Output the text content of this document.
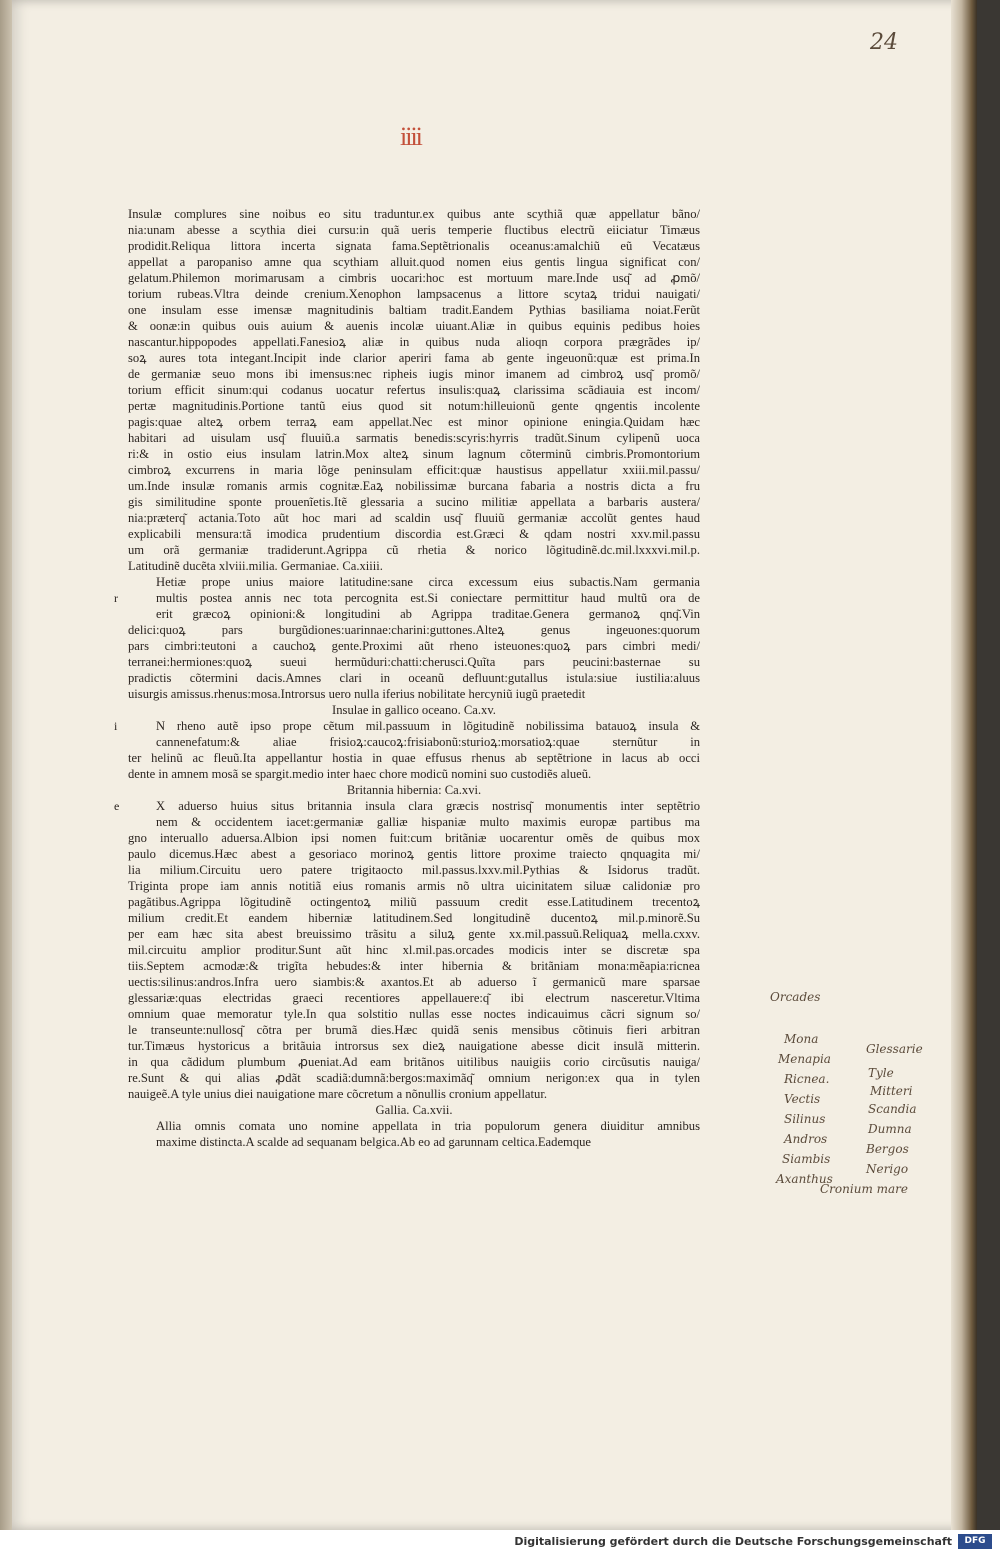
24
iiii
Insulæ complures sine noibus eo situ traduntur.ex quibus ante scythiã quæ appellatur bãno/
nia:unam abesse a scythia diei cursu:in quã ueris temperie fluctibus electrũ eiiciatur Timæus
prodidit.Reliqua littora incerta signata fama.Septẽtrionalis oceanus:amalchiũ eũ Vecatæus
appellat a paropaniso amne qua scythiam alluit.quod nomen eius gentis lingua significat con/
gelatum.Philemon morimarusam a cimbris uocari:hoc est mortuum mare.Inde usq͂ ad ꝓmõ/
torium rubeas.Vltra deinde crenium.Xenophon lampsacenus a littore scytaꝝ tridui nauigati/
one insulam esse imensæ magnitudinis baltiam tradit.Eandem Pythias basiliama noiat.Ferũt
& oonæ:in quibus ouis auium & auenis incolæ uiuant.Aliæ in quibus equinis pedibus hoies
nascantur.hippopodes appellati.Fanesioꝝ aliæ in quibus nuda alioqn corpora prægrãdes ip/
soꝝ aures tota integant.Incipit inde clarior aperiri fama ab gente ingeuonũ:quæ est prima.In
de germaniæ seuo mons ibi imensus:nec ripheis iugis minor imanem ad cimbroꝝ usq͂ promõ/
torium efficit sinum:qui codanus uocatur refertus insulis:quaꝝ clarissima scãdiauia est incom/
pertæ magnitudinis.Portione tantũ eius quod sit notum:hilleuionũ gente qngentis incolente
pagis:quae alteꝝ orbem terraꝝ eam appellat.Nec est minor opinione eningia.Quidam hæc
habitari ad uisulam usq͂ fluuiũ.a sarmatis benedis:scyris:hyrris tradũt.Sinum cylipenũ uoca
ri:& in ostio eius insulam latrin.Mox alteꝝ sinum lagnum cõterminũ cimbris.Promontorium
cimbroꝝ excurrens in maria lõge peninsulam efficit:quæ haustisus appellatur xxiii.mil.passu/
um.Inde insulæ romanis armis cognitæ.Eaꝝ nobilissimæ burcana fabaria a nostris dicta a fru
gis similitudine sponte prouenĩetis.Itẽ glessaria a sucino militiæ appellata a barbaris austera/
nia:præterq͂ actania.Toto aũt hoc mari ad scaldin usq͂ fluuiũ germaniæ accolũt gentes haud
explicabili mensura:tã imodica prudentium discordia est.Græci & qdam nostri xxv.mil.passu
um orã germaniæ tradiderunt.Agrippa cũ rhetia & norico lõgitudinẽ.dc.mil.lxxxvi.mil.p.
Latitudinẽ ducẽta xlviii.milia. Germaniae. Ca.xiiii.
Hetiæ prope unius maiore latitudine:sane circa excessum eius subactis.Nam germania
r	multis postea annis nec tota percognita est.Si coniectare permittitur haud multũ ora de
erit græcoꝝ opinioni:& longitudini ab Agrippa traditae.Genera germanoꝝ qnq͂.Vin
delici:quoꝝ pars burgũdiones:uarinnae:charini:guttones.Alteꝝ genus ingeuones:quorum
pars cimbri:teutoni a cauchoꝝ gente.Proximi aũt rheno isteuones:quoꝝ pars cimbri medi/
terranei:hermiones:quoꝝ sueui hermũduri:chatti:cherusci.Quĩta pars peucini:basternae su
pradictis cõtermini dacis.Amnes clari in oceanũ defluunt:gutallus istula:siue iustilia:aluus
uisurgis amissus.rhenus:mosa.Introrsus uero nulla iferius nobilitate hercyniũ iugũ praetedit
Insulae in gallico oceano. Ca.xv.
i	N rheno autẽ ipso prope cẽtum mil.passuum in lõgitudinẽ nobilissima batauoꝝ insula &
cannenefatum:& aliae frisioꝝ:caucoꝝ:frisiabonũ:sturioꝝ:morsatioꝝ:quae sternũtur in
ter helinũ ac fleuũ.Ita appellantur hostia in quae effusus rhenus ab septẽtrione in lacus ab occi
dente in amnem mosã se spargit.medio inter haec chore modicũ nomini suo custodiẽs alueũ.
Britannia hibernia: Ca.xvi.
e	X aduerso huius situs britannia insula clara græcis nostrisq͂ monumentis inter septẽtrio
nem & occidentem iacet:germaniæ galliæ hispaniæ multo maximis europæ partibus ma
gno interuallo aduersa.Albion ipsi nomen fuit:cum britãniæ uocarentur omẽs de quibus mox
paulo dicemus.Hæc abest a gesoriaco morinoꝝ gentis littore proxime traiecto qnquagita mi/
lia milium.Circuitu uero patere trigitaocto mil.passus.lxxv.mil.Pythias & Isidorus tradũt.
Triginta prope iam annis notitiã eius romanis armis nõ ultra uicinitatem siluæ calidoniæ pro
pagãtibus.Agrippa lõgitudinẽ octingentoꝝ miliũ passuum credit esse.Latitudinem trecentoꝝ
milium credit.Et eandem hiberniæ latitudinem.Sed longitudinẽ ducentoꝝ mil.p.minorẽ.Su
per eam hæc sita abest breuissimo trãsitu a siluꝝ gente xx.mil.passuũ.Reliquaꝝ mella.cxxv.
mil.circuitu amplior proditur.Sunt aũt hinc xl.mil.pas.orcades modicis inter se discretæ spa
tiis.Septem acmodæ:& trigĩta hebudes:& inter hibernia & britãniam mona:mẽapia:ricnea
uectis:silinus:andros.Infra uero siambis:& axantos.Et ab aduerso ĩ germanicũ mare sparsae
glessariæ:quas electridas graeci recentiores appellauere:q͂ ibi electrum nasceretur.Vltima
omnium quae memoratur tyle.In qua solstitio nullas esse noctes indicauimus cãcri signum so/
le transeunte:nullosq͂ cõtra per brumã dies.Hæc quidã senis mensibus cõtinuis fieri arbitran
tur.Timæus hystoricus a britãuia introrsus sex dieꝝ nauigatione abesse dicit insulã mitterin.
in qua cãdidum plumbum ꝓueniat.Ad eam britãnos uitilibus nauigiis corio circũsutis nauiga/
re.Sunt & qui alias ꝓdãt scadiã:dumnã:bergos:maximãq͂ omnium nerigon:ex qua in tylen
nauigeẽ.A tyle unius diei nauigatione mare cõcretum a nõnullis cronium appellatur.
Gallia. Ca.xvii.
Allia omnis comata uno nomine appellata in tria populorum genera diuiditur amnibus
maxime distincta.A scalde ad sequanam belgica.Ab eo ad garunnam celtica.Eademque
Orcades
Mona
Menapia
Ricnea.
Vectis
Silinus
Andros
Siambis
Axanthus
Glessarie
Tyle
Mitteri
Scandia
Dumna
Bergos
Nerigo
Cronium mare
Digitalisierung gefördert durch die Deutsche Forschungsgemeinschaft	DFG
